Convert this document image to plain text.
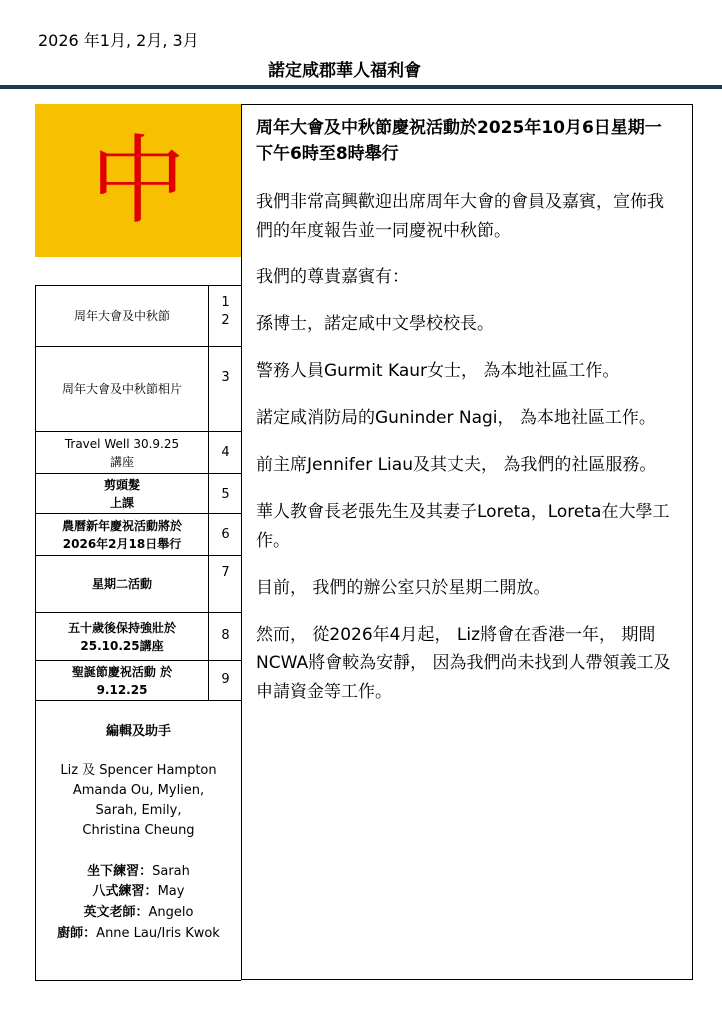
2026 年1月, 2月, 3月
諾定咸郡華人福利會
中
周年大會及中秋節
1
2
周年大會及中秋節相片
3
Travel Well 30.9.25
講座
4
剪頭髮
上課
5
農曆新年慶祝活動將於
2026年2月18日舉行
6
星期二活動
7
五十歲後保持強壯於
25.10.25講座
8
聖誕節慶祝活動 於
9.12.25
9
編輯及助手
Liz 及 Spencer Hampton
Amanda Ou, Mylien,
Sarah, Emily,
Christina Cheung
坐下練習：Sarah
八式練習：May
英文老師：Angelo
廚師：Anne Lau/Iris Kwok
周年大會及中秋節慶祝活動於2025年10月6日星期一下午6時至8時舉行

我們非常高興歡迎出席周年大會的會員及嘉賓，宣佈我們的年度報告並一同慶祝中秋節。

我們的尊貴嘉賓有：

孫博士，諾定咸中文學校校長。

警務人員Gurmit Kaur女士， 為本地社區工作。

諾定咸消防局的Guninder Nagi， 為本地社區工作。

前主席Jennifer Liau及其丈夫， 為我們的社區服務。

華人教會長老張先生及其妻子Loreta，Loreta在大學工作。

目前， 我們的辦公室只於星期二開放。

然而， 從2026年4月起， Liz將會在香港一年， 期間NCWA將會較為安靜， 因為我們尚未找到人帶領義工及申請資金等工作。
